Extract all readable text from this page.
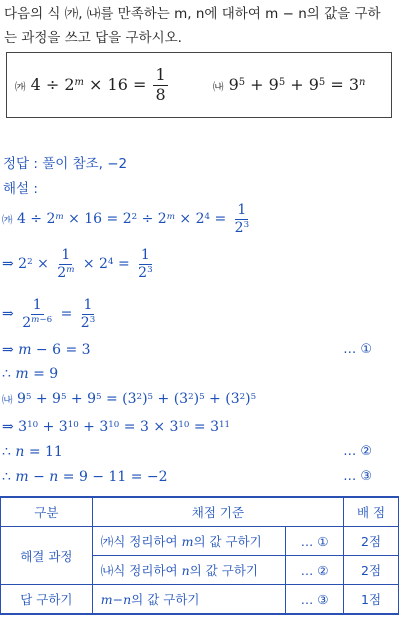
다음의 식 ㈎, ㈏를 만족하는 m, n에 대하여 m − n의 값을 구하
는 과정을 쓰고 답을 구하시오.
㈎ $4 \div 2^m \times 16 = \frac{1}{8}$	㈏ $9^5 + 9^5 + 9^5 = 3^n$
정답 : 풀이 참조, −2
해설 :
㈎ $4 \div 2^m \times 16 = 2^2 \div 2^m \times 2^4 = \frac{1}{2^3}$
⇒ $2^2 \times \frac{1}{2^m} \times 2^4 = \frac{1}{2^3}$
⇒ $\frac{1}{2^{m-6}} = \frac{1}{2^3}$
⇒ m − 6 = 3	… ①
∴ m = 9
㈏ $9^5 + 9^5 + 9^5 = (3^2)^5 + (3^2)^5 + (3^2)^5$
⇒ $3^{10} + 3^{10} + 3^{10} = 3 \times 3^{10} = 3^{11}$
∴ n = 11	… ②
∴ m − n = 9 − 11 = −2	… ③
구분	채점 기준		배 점
해결 과정	㈎식 정리하여 m의 값 구하기	… ①	2점
	㈏식 정리하여 n의 값 구하기	… ②	2점
답 구하기	m−n의 값 구하기	… ③	1점
